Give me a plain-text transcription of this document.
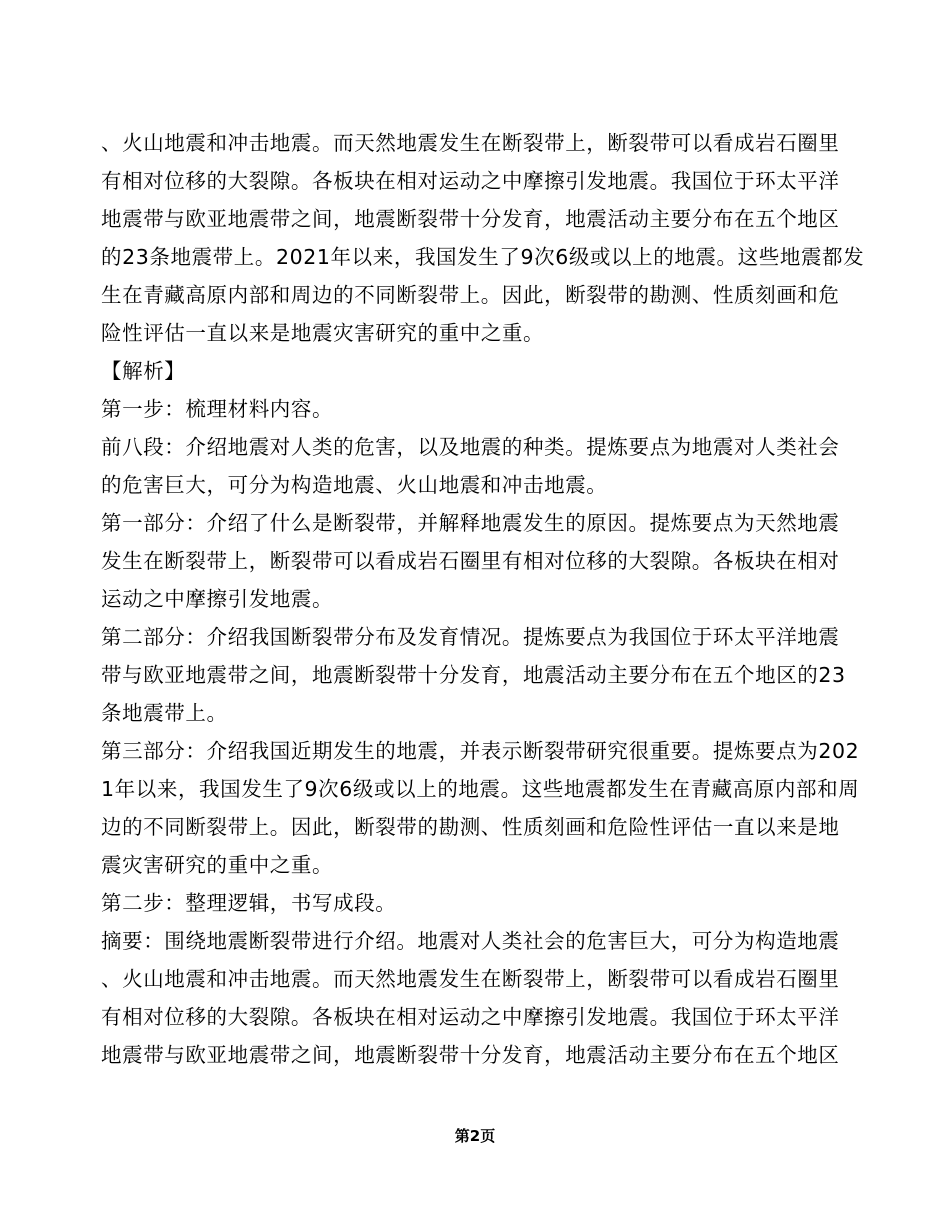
、火山地震和冲击地震。而天然地震发生在断裂带上，断裂带可以看成岩石圈里
有相对位移的大裂隙。各板块在相对运动之中摩擦引发地震。我国位于环太平洋
地震带与欧亚地震带之间，地震断裂带十分发育，地震活动主要分布在五个地区
的23条地震带上。2021年以来，我国发生了9次6级或以上的地震。这些地震都发
生在青藏高原内部和周边的不同断裂带上。因此，断裂带的勘测、性质刻画和危
险性评估一直以来是地震灾害研究的重中之重。
【解析】
第一步：梳理材料内容。
前八段：介绍地震对人类的危害，以及地震的种类。提炼要点为地震对人类社会
的危害巨大，可分为构造地震、火山地震和冲击地震。
第一部分：介绍了什么是断裂带，并解释地震发生的原因。提炼要点为天然地震
发生在断裂带上，断裂带可以看成岩石圈里有相对位移的大裂隙。各板块在相对
运动之中摩擦引发地震。
第二部分：介绍我国断裂带分布及发育情况。提炼要点为我国位于环太平洋地震
带与欧亚地震带之间，地震断裂带十分发育，地震活动主要分布在五个地区的23
条地震带上。
第三部分：介绍我国近期发生的地震，并表示断裂带研究很重要。提炼要点为202
1年以来，我国发生了9次6级或以上的地震。这些地震都发生在青藏高原内部和周
边的不同断裂带上。因此，断裂带的勘测、性质刻画和危险性评估一直以来是地
震灾害研究的重中之重。
第二步：整理逻辑，书写成段。
摘要：围绕地震断裂带进行介绍。地震对人类社会的危害巨大，可分为构造地震
、火山地震和冲击地震。而天然地震发生在断裂带上，断裂带可以看成岩石圈里
有相对位移的大裂隙。各板块在相对运动之中摩擦引发地震。我国位于环太平洋
地震带与欧亚地震带之间，地震断裂带十分发育，地震活动主要分布在五个地区
第2页
